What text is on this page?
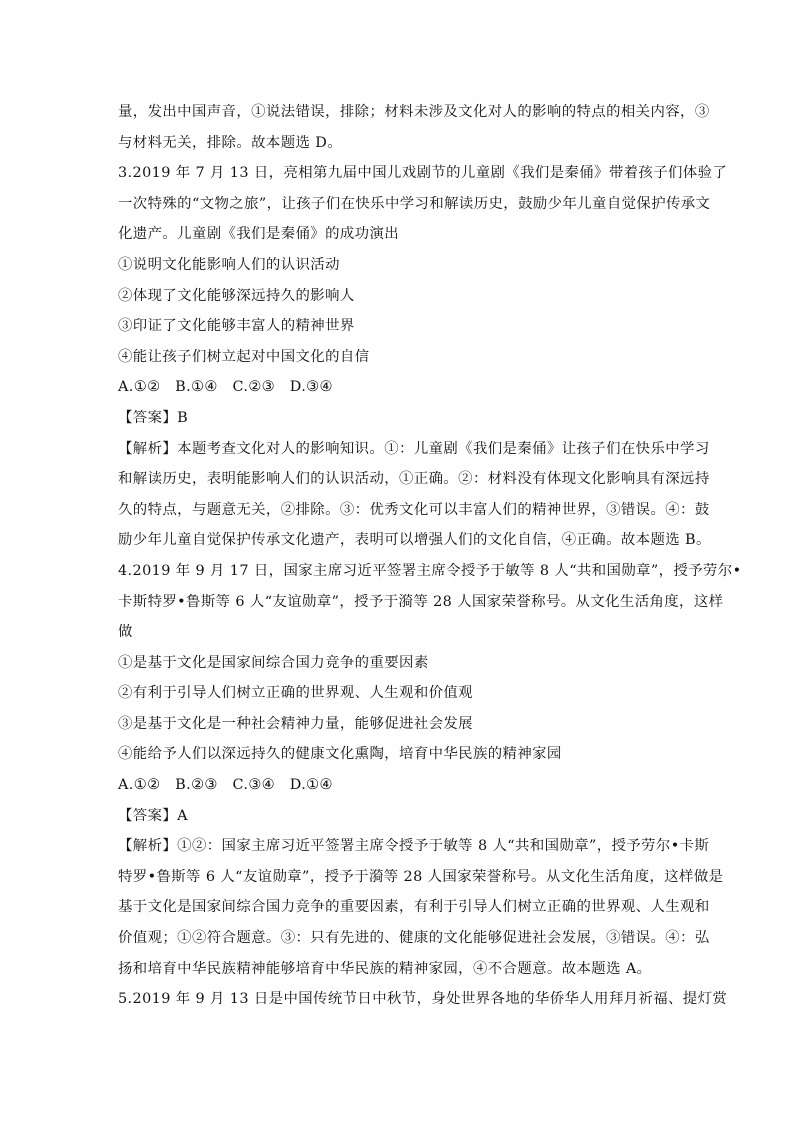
量，发出中国声音，①说法错误，排除；材料未涉及文化对人的影响的特点的相关内容，③
与材料无关，排除。故本题选 D。
3.2019 年 7 月 13 日，亮相第九届中国儿戏剧节的儿童剧《我们是秦俑》带着孩子们体验了
一次特殊的“文物之旅”，让孩子们在快乐中学习和解读历史，鼓励少年儿童自觉保护传承文
化遗产。儿童剧《我们是秦俑》的成功演出
①说明文化能影响人们的认识活动
②体现了文化能够深远持久的影响人
③印证了文化能够丰富人的精神世界
④能让孩子们树立起对中国文化的自信
A.①②　B.①④　C.②③　D.③④
【答案】B
【解析】本题考查文化对人的影响知识。①：儿童剧《我们是秦俑》让孩子们在快乐中学习
和解读历史，表明能影响人们的认识活动，①正确。②：材料没有体现文化影响具有深远持
久的特点，与题意无关，②排除。③：优秀文化可以丰富人们的精神世界，③错误。④：鼓
励少年儿童自觉保护传承文化遗产，表明可以增强人们的文化自信，④正确。故本题选 B。
4.2019 年 9 月 17 日，国家主席习近平签署主席令授予于敏等 8 人“共和国勋章”，授予劳尔•
卡斯特罗•鲁斯等 6 人“友谊勋章”，授予于漪等 28 人国家荣誉称号。从文化生活角度，这样
做
①是基于文化是国家间综合国力竞争的重要因素
②有利于引导人们树立正确的世界观、人生观和价值观
③是基于文化是一种社会精神力量，能够促进社会发展
④能给予人们以深远持久的健康文化熏陶，培育中华民族的精神家园
A.①②　B.②③　C.③④　D.①④
【答案】A
【解析】①②：国家主席习近平签署主席令授予于敏等 8 人“共和国勋章”，授予劳尔•卡斯
特罗•鲁斯等 6 人“友谊勋章”，授予于漪等 28 人国家荣誉称号。从文化生活角度，这样做是
基于文化是国家间综合国力竞争的重要因素，有利于引导人们树立正确的世界观、人生观和
价值观；①②符合题意。③：只有先进的、健康的文化能够促进社会发展，③错误。④：弘
扬和培育中华民族精神能够培育中华民族的精神家园，④不合题意。故本题选 A。
5.2019 年 9 月 13 日是中国传统节日中秋节，身处世界各地的华侨华人用拜月祈福、提灯赏
